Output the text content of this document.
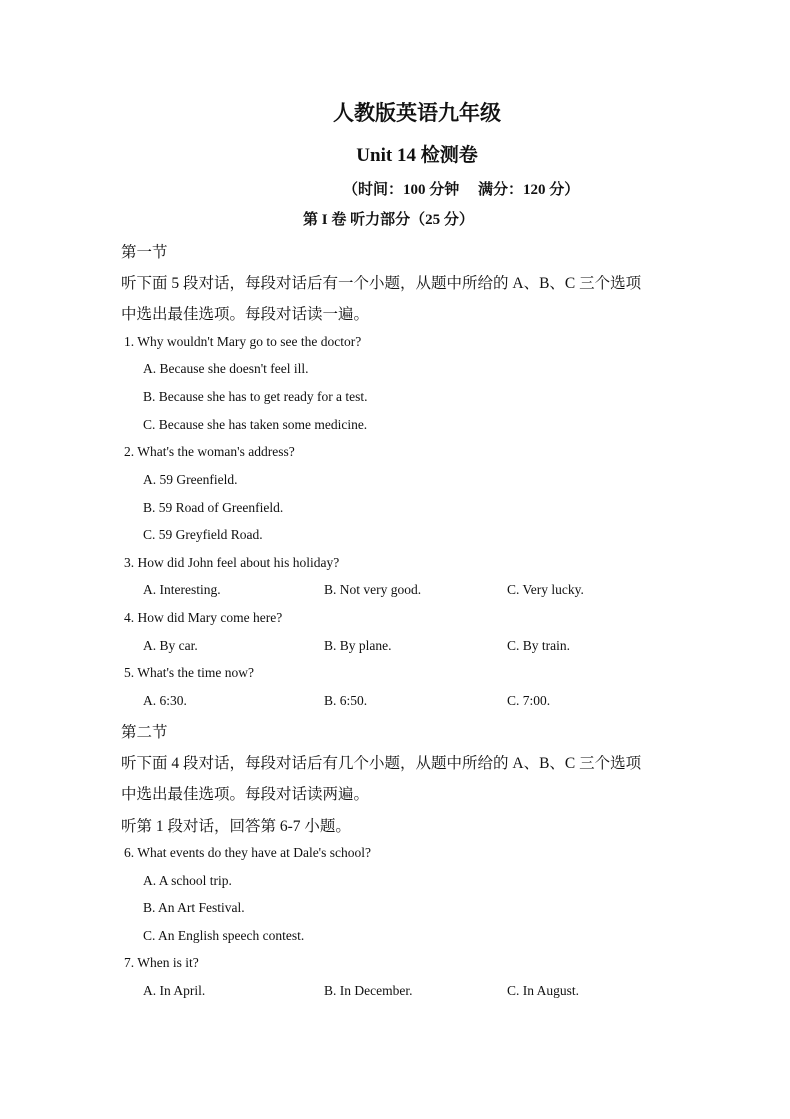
人教版英语九年级
Unit 14 检测卷
（时间：100 分钟     满分：120 分）
第 I 卷 听力部分（25 分）
第一节
听下面 5 段对话，每段对话后有一个小题，从题中所给的 A、B、C 三个选项
中选出最佳选项。每段对话读一遍。
1. Why wouldn't Mary go to see the doctor?
A. Because she doesn't feel ill.
B. Because she has to get ready for a test.
C. Because she has taken some medicine.
2. What's the woman's address?
A. 59 Greenfield.
B. 59 Road of Greenfield.
C. 59 Greyfield Road.
3. How did John feel about his holiday?
A. Interesting.	B. Not very good.	C. Very lucky.
4. How did Mary come here?
A. By car.	B. By plane.	C. By train.
5. What's the time now?
A. 6:30.	B. 6:50.	C. 7:00.
第二节
听下面 4 段对话，每段对话后有几个小题，从题中所给的 A、B、C 三个选项
中选出最佳选项。每段对话读两遍。
听第 1 段对话，回答第 6-7 小题。
6. What events do they have at Dale's school?
A. A school trip.
B. An Art Festival.
C. An English speech contest.
7. When is it?
A. In April.	B. In December.	C. In August.
